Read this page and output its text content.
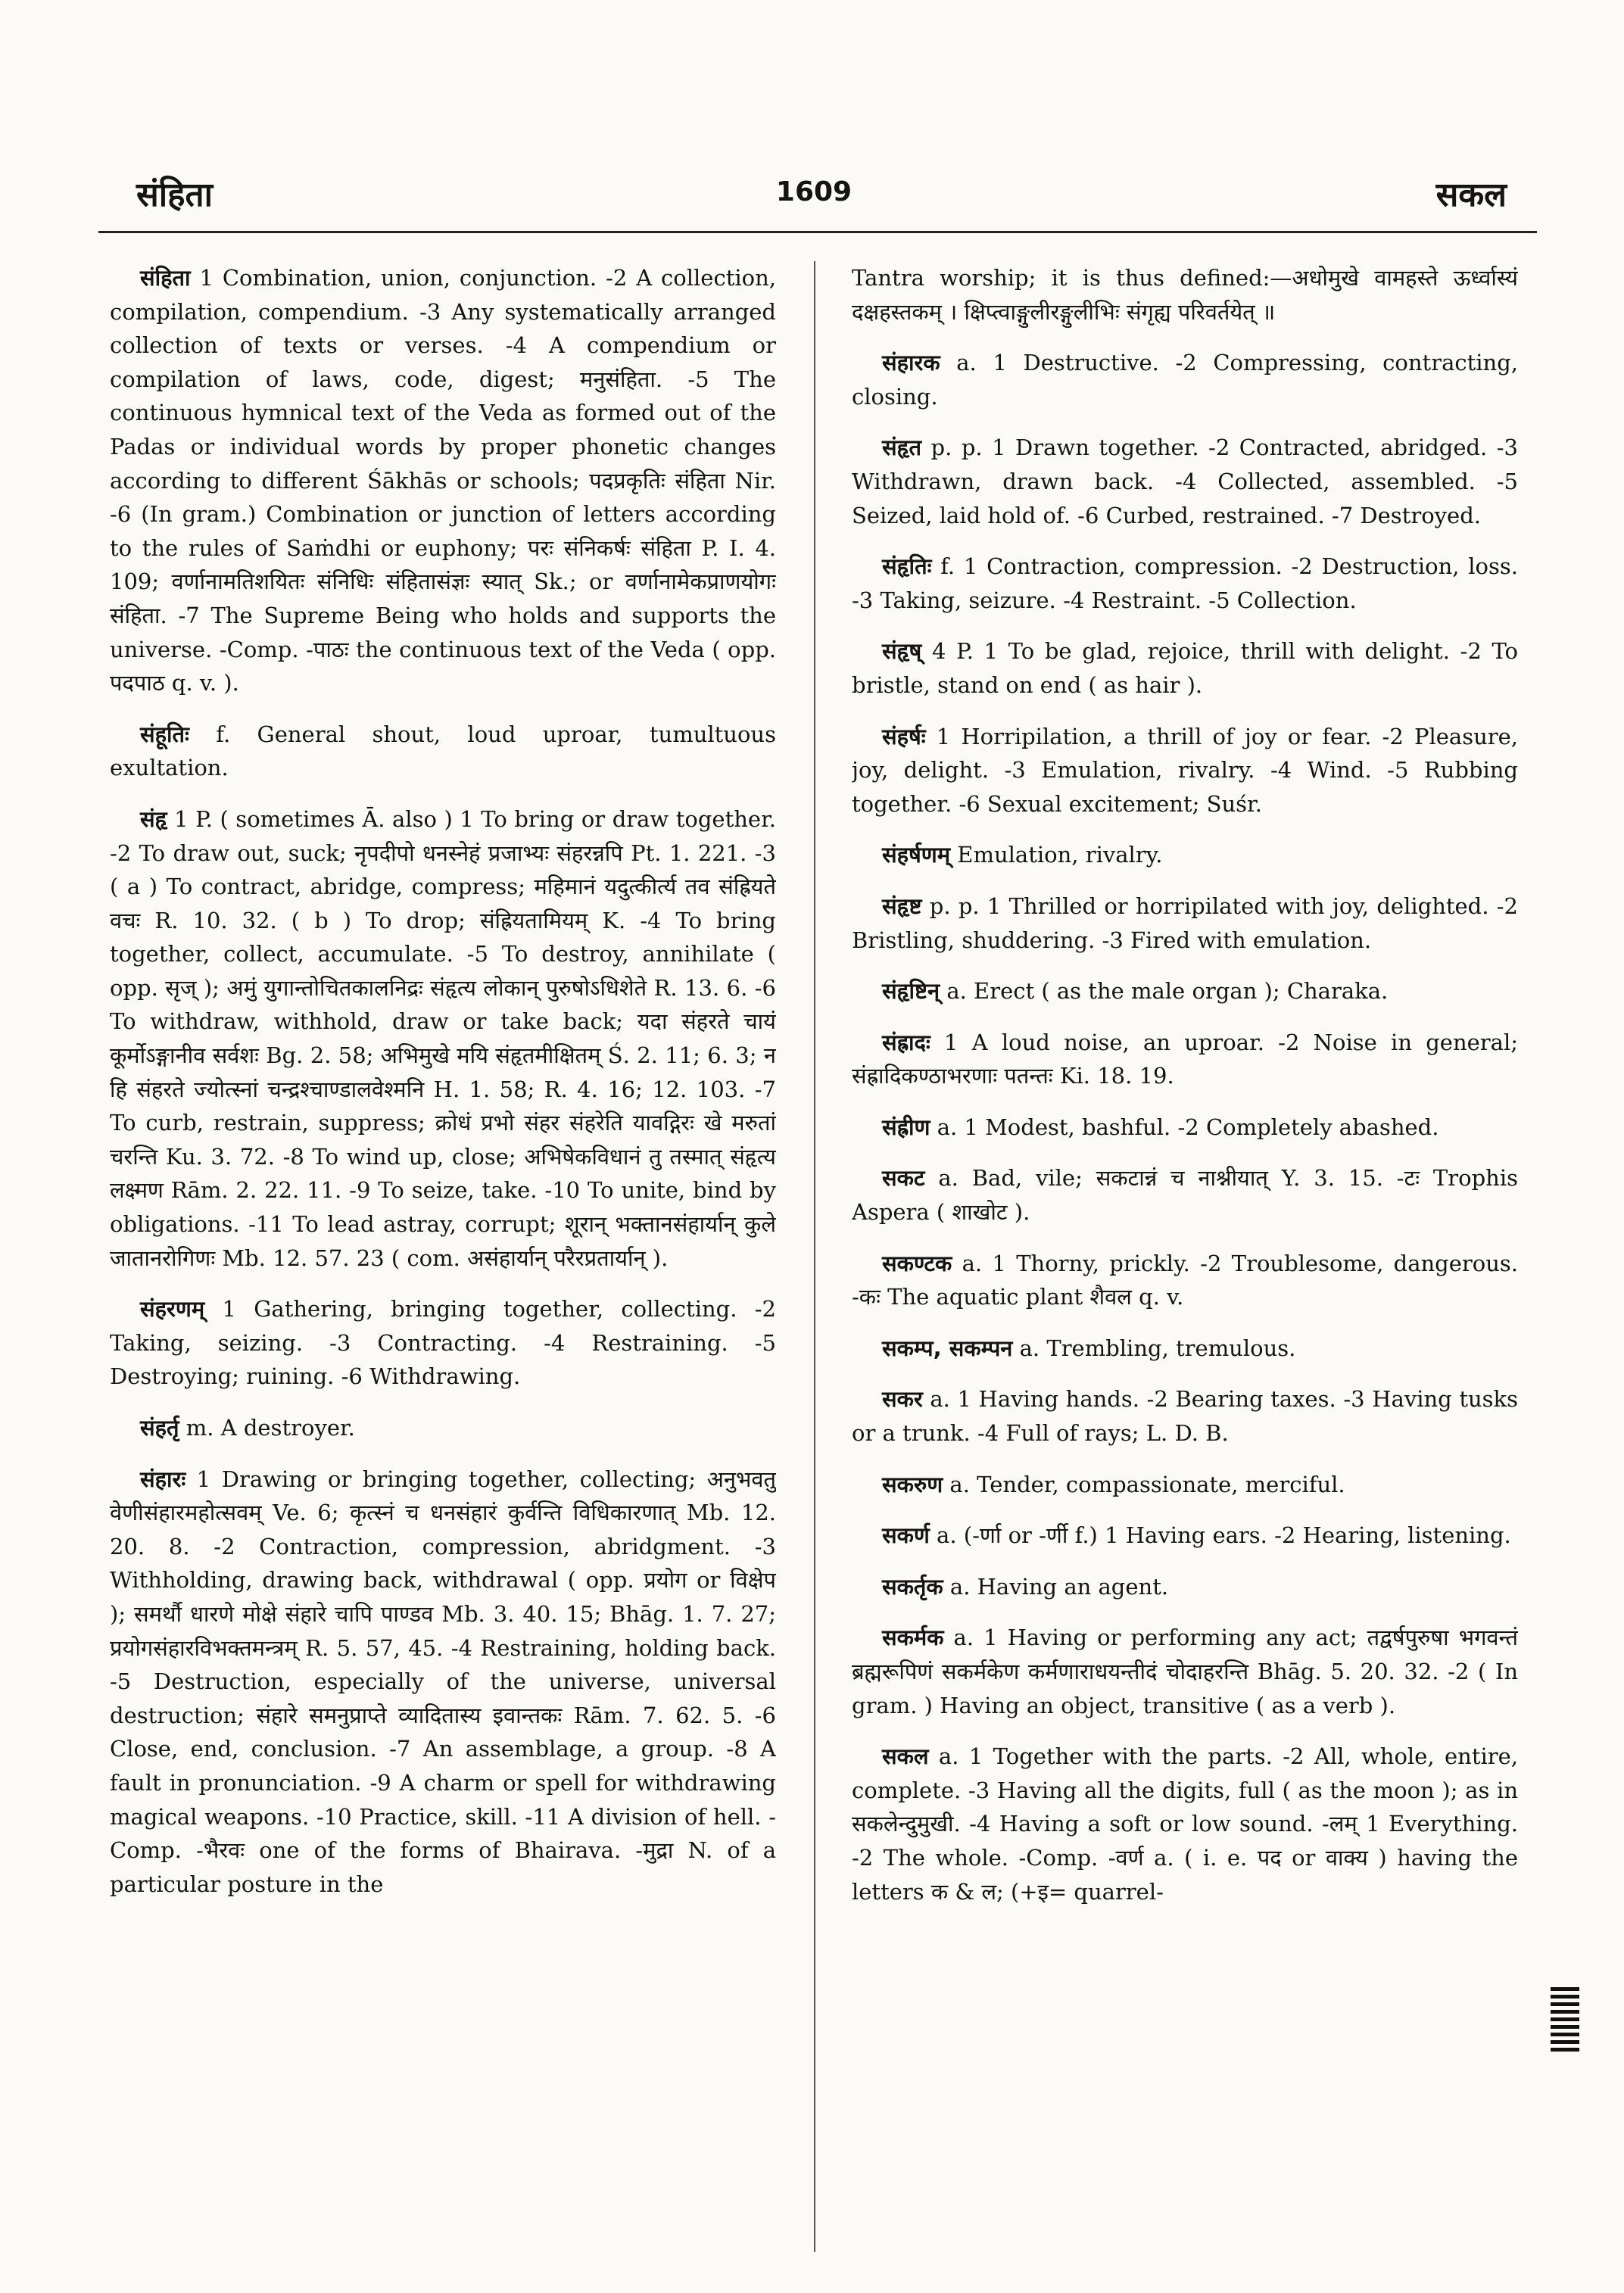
संहिता	1609	सकल

संहिता 1 Combination, union, conjunction. -2 A collection, compilation, compendium. -3 Any systematically arranged collection of texts or verses. -4 A compendium or compilation of laws, code, digest; मनुसंहिता. -5 The continuous hymnical text of the Veda as formed out of the Padas or individual words by proper phonetic changes according to different Śākhās or schools; पदप्रकृतिः संहिता Nir. -6 (In gram.) Combination or junction of letters according to the rules of Saṁdhi or euphony; परः संनिकर्षः संहिता P. I. 4. 109; वर्णानामतिशयितः संनिधिः संहितासंज्ञः स्यात् Sk.; or वर्णानामेकप्राणयोगः संहिता. -7 The Supreme Being who holds and supports the universe. -Comp. -पाठः the continuous text of the Veda ( opp. पदपाठ q. v. ).

संहूतिः f. General shout, loud uproar, tumultuous exultation.

संहृ 1 P. ( sometimes Ā. also ) 1 To bring or draw together. -2 To draw out, suck; नृपदीपो धनस्नेहं प्रजाभ्यः संहरन्नपि Pt. 1. 221. -3 ( a ) To contract, abridge, compress; महिमानं यदुत्कीर्त्य तव संह्रियते वचः R. 10. 32. ( b ) To drop; संह्रियतामियम् K. -4 To bring together, collect, accumulate. -5 To destroy, annihilate ( opp. सृज् ); अमुं युगान्तोचितकालनिद्रः संहृत्य लोकान् पुरुषोऽधिशेते R. 13. 6. -6 To withdraw, withhold, draw or take back; यदा संहरते चायं कूर्मोऽङ्गानीव सर्वशः Bg. 2. 58; अभिमुखे मयि संहृतमीक्षितम् Ś. 2. 11; 6. 3; न हि संहरते ज्योत्स्नां चन्द्रश्चाण्डालवेश्मनि H. 1. 58; R. 4. 16; 12. 103. -7 To curb, restrain, suppress; क्रोधं प्रभो संहर संहरेति यावद्गिरः खे मरुतां चरन्ति Ku. 3. 72. -8 To wind up, close; अभिषेकविधानं तु तस्मात् संहृत्य लक्ष्मण Rām. 2. 22. 11. -9 To seize, take. -10 To unite, bind by obligations. -11 To lead astray, corrupt; शूरान् भक्तानसंहार्यान् कुले जातानरोगिणः Mb. 12. 57. 23 ( com. असंहार्यान् परैरप्रतार्यान् ).

संहरणम् 1 Gathering, bringing together, collecting. -2 Taking, seizing. -3 Contracting. -4 Restraining. -5 Destroying; ruining. -6 Withdrawing.

संहर्तृ m. A destroyer.

संहारः 1 Drawing or bringing together, collecting; अनुभवतु वेणीसंहारमहोत्सवम् Ve. 6; कृत्स्नं च धनसंहारं कुर्वन्ति विधिकारणात् Mb. 12. 20. 8. -2 Contraction, compression, abridgment. -3 Withholding, drawing back, withdrawal ( opp. प्रयोग or विक्षेप ); समर्थौ धारणे मोक्षे संहारे चापि पाण्डव Mb. 3. 40. 15; Bhāg. 1. 7. 27; प्रयोगसंहारविभक्तमन्त्रम् R. 5. 57, 45. -4 Restraining, holding back. -5 Destruction, especially of the universe, universal destruction; संहारे समनुप्राप्ते व्यादितास्य इवान्तकः Rām. 7. 62. 5. -6 Close, end, conclusion. -7 An assemblage, a group. -8 A fault in pronunciation. -9 A charm or spell for withdrawing magical weapons. -10 Practice, skill. -11 A division of hell. -Comp. -भैरवः one of the forms of Bhairava. -मुद्रा N. of a particular posture in the

Tantra worship; it is thus defined:—अधोमुखे वामहस्ते ऊर्ध्वास्यं दक्षहस्तकम् । क्षिप्त्वाङ्गुलीरङ्गुलीभिः संगृह्य परिवर्तयेत् ॥

संहारक a. 1 Destructive. -2 Compressing, contracting, closing.

संहृत p. p. 1 Drawn together. -2 Contracted, abridged. -3 Withdrawn, drawn back. -4 Collected, assembled. -5 Seized, laid hold of. -6 Curbed, restrained. -7 Destroyed.

संहृतिः f. 1 Contraction, compression. -2 Destruction, loss. -3 Taking, seizure. -4 Restraint. -5 Collection.

संहृष् 4 P. 1 To be glad, rejoice, thrill with delight. -2 To bristle, stand on end ( as hair ).

संहर्षः 1 Horripilation, a thrill of joy or fear. -2 Pleasure, joy, delight. -3 Emulation, rivalry. -4 Wind. -5 Rubbing together. -6 Sexual excitement; Suśr.

संहर्षणम् Emulation, rivalry.

संहृष्ट p. p. 1 Thrilled or horripilated with joy, delighted. -2 Bristling, shuddering. -3 Fired with emulation.

संहृष्टिन् a. Erect ( as the male organ ); Charaka.

संह्रादः 1 A loud noise, an uproar. -2 Noise in general; संह्रादिकण्ठाभरणाः पतन्तः Ki. 18. 19.

संह्रीण a. 1 Modest, bashful. -2 Completely abashed.

सकट a. Bad, vile; सकटान्नं च नाश्नीयात् Y. 3. 15. -टः Trophis Aspera ( शाखोट ).

सकण्टक a. 1 Thorny, prickly. -2 Troublesome, dangerous. -कः The aquatic plant शैवल q. v.

सकम्प, सकम्पन a. Trembling, tremulous.

सकर a. 1 Having hands. -2 Bearing taxes. -3 Having tusks or a trunk. -4 Full of rays; L. D. B.

सकरुण a. Tender, compassionate, merciful.

सकर्ण a. (-र्णा or -र्णी f.) 1 Having ears. -2 Hearing, listening.

सकर्तृक a. Having an agent.

सकर्मक a. 1 Having or performing any act; तद्वर्षपुरुषा भगवन्तं ब्रह्मरूपिणं सकर्मकेण कर्मणाराधयन्तीदं चोदाहरन्ति Bhāg. 5. 20. 32. -2 ( In gram. ) Having an object, transitive ( as a verb ).

सकल a. 1 Together with the parts. -2 All, whole, entire, complete. -3 Having all the digits, full ( as the moon ); as in सकलेन्दुमुखी. -4 Having a soft or low sound. -लम् 1 Everything. -2 The whole. -Comp. -वर्ण a. ( i. e. पद or वाक्य ) having the letters क & ल; (+इ= quarrel-
